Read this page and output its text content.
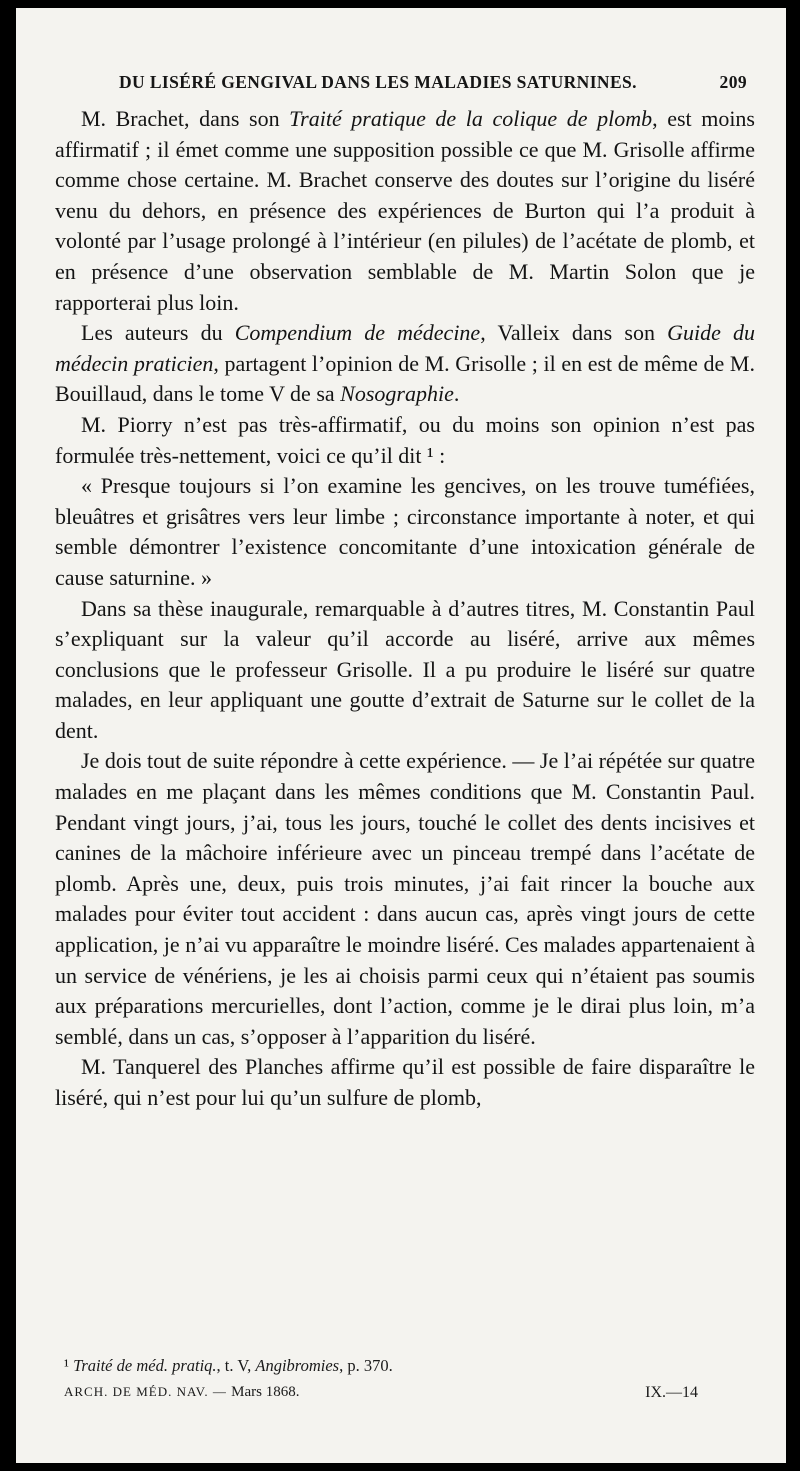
DU LISÉRÉ GENGIVAL DANS LES MALADIES SATURNINES.	209

M. Brachet, dans son Traité pratique de la colique de plomb, est moins affirmatif ; il émet comme une supposition possible ce que M. Grisolle affirme comme chose certaine. M. Brachet conserve des doutes sur l’origine du liséré venu du dehors, en présence des expériences de Burton qui l’a produit à volonté par l’usage prolongé à l’intérieur (en pilules) de l’acétate de plomb, et en présence d’une observation semblable de M. Martin Solon que je rapporterai plus loin.

Les auteurs du Compendium de médecine, Valleix dans son Guide du médecin praticien, partagent l’opinion de M. Grisolle ; il en est de même de M. Bouillaud, dans le tome V de sa Nosographie.

M. Piorry n’est pas très-affirmatif, ou du moins son opinion n’est pas formulée très-nettement, voici ce qu’il dit ¹ :

« Presque toujours si l’on examine les gencives, on les trouve tuméfiées, bleuâtres et grisâtres vers leur limbe ; circonstance importante à noter, et qui semble démontrer l’existence concomitante d’une intoxication générale de cause saturnine. »

Dans sa thèse inaugurale, remarquable à d’autres titres, M. Constantin Paul s’expliquant sur la valeur qu’il accorde au liséré, arrive aux mêmes conclusions que le professeur Grisolle. Il a pu produire le liséré sur quatre malades, en leur appliquant une goutte d’extrait de Saturne sur le collet de la dent.

Je dois tout de suite répondre à cette expérience. — Je l’ai répétée sur quatre malades en me plaçant dans les mêmes conditions que M. Constantin Paul. Pendant vingt jours, j’ai, tous les jours, touché le collet des dents incisives et canines de la mâchoire inférieure avec un pinceau trempé dans l’acétate de plomb. Après une, deux, puis trois minutes, j’ai fait rincer la bouche aux malades pour éviter tout accident : dans aucun cas, après vingt jours de cette application, je n’ai vu apparaître le moindre liséré. Ces malades appartenaient à un service de vénériens, je les ai choisis parmi ceux qui n’étaient pas soumis aux préparations mercurielles, dont l’action, comme je le dirai plus loin, m’a semblé, dans un cas, s’opposer à l’apparition du liséré.

M. Tanquerel des Planches affirme qu’il est possible de faire disparaître le liséré, qui n’est pour lui qu’un sulfure de plomb,

¹ Traité de méd. pratiq., t. V, Angibromies, p. 370.
ARCH. DE MÉD. NAV. — Mars 1868.	IX.—14
